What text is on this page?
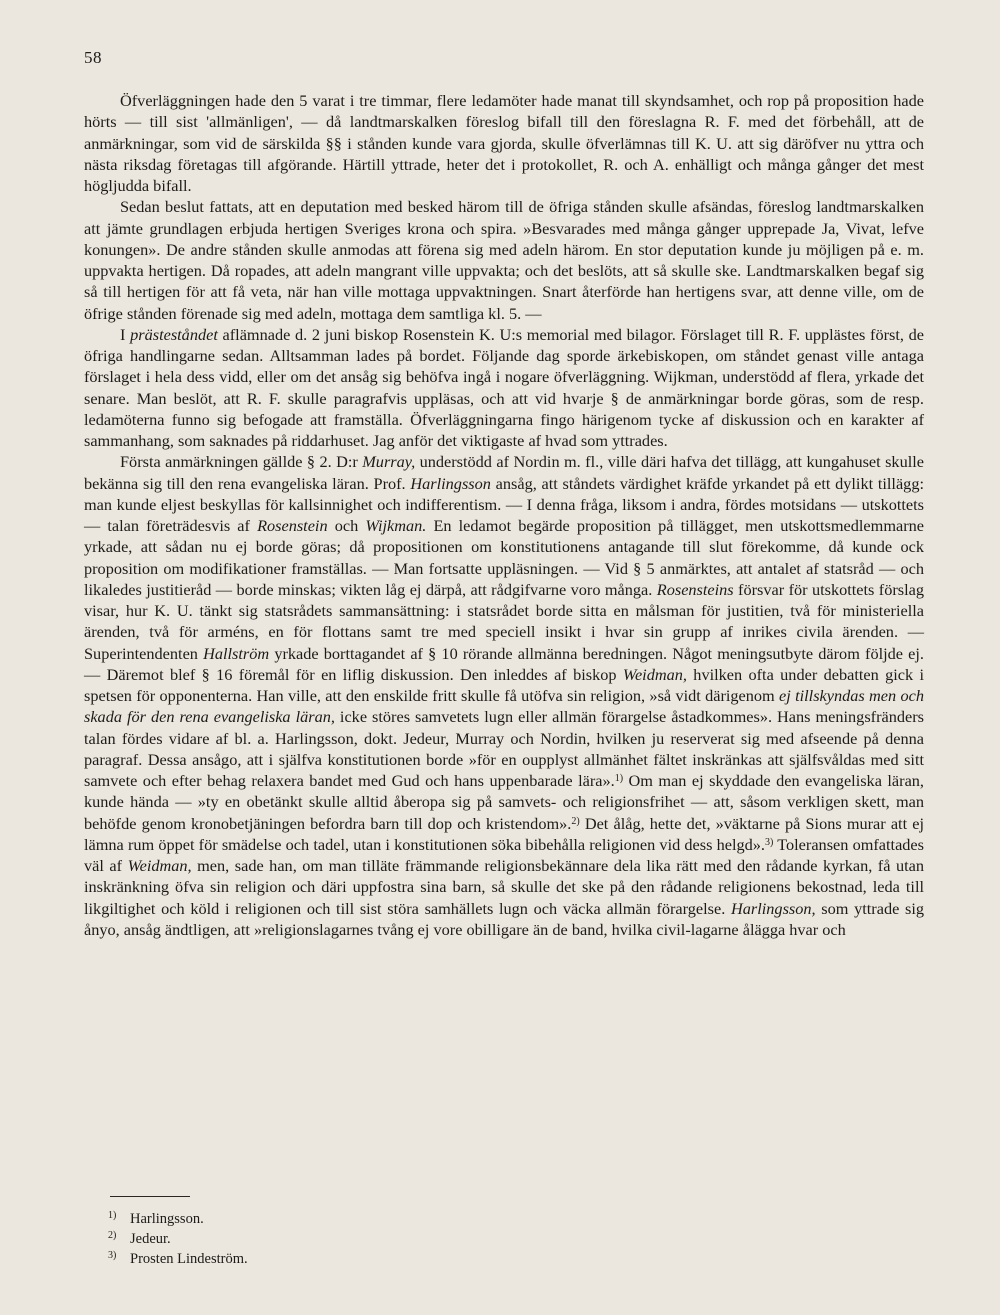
58

Öfverläggningen hade den 5 varat i tre timmar, flere ledamöter hade manat till skyndsamhet, och rop på proposition hade hörts — till sist 'allmänligen', — då landtmarskalken föreslog bifall till den föreslagna R. F. med det förbehåll, att de anmärkningar, som vid de särskilda §§ i stånden kunde vara gjorda, skulle öfverlämnas till K. U. att sig däröfver nu yttra och nästa riksdag företagas till afgörande. Härtill yttrade, heter det i protokollet, R. och A. enhälligt och många gånger det mest högljudda bifall.

Sedan beslut fattats, att en deputation med besked härom till de öfriga stånden skulle afsändas, föreslog landtmarskalken att jämte grundlagen erbjuda hertigen Sveriges krona och spira. »Besvarades med många gånger upprepade Ja, Vivat, lefve konungen». De andre stånden skulle anmodas att förena sig med adeln härom. En stor deputation kunde ju möjligen på e. m. uppvakta hertigen. Då ropades, att adeln mangrant ville uppvakta; och det beslöts, att så skulle ske. Landtmarskalken begaf sig så till hertigen för att få veta, när han ville mottaga uppvaktningen. Snart återförde han hertigens svar, att denne ville, om de öfrige stånden förenade sig med adeln, mottaga dem samtliga kl. 5. —

I prästeståndet aflämnade d. 2 juni biskop Rosenstein K. U:s memorial med bilagor. Förslaget till R. F. upplästes först, de öfriga handlingarne sedan. Alltsamman lades på bordet. Följande dag sporde ärkebiskopen, om ståndet genast ville antaga förslaget i hela dess vidd, eller om det ansåg sig behöfva ingå i nogare öfverläggning. Wijkman, understödd af flera, yrkade det senare. Man beslöt, att R. F. skulle paragrafvis uppläsas, och att vid hvarje § de anmärkningar borde göras, som de resp. ledamöterna funno sig befogade att framställa. Öfverläggningarna fingo härigenom tycke af diskussion och en karakter af sammanhang, som saknades på riddarhuset. Jag anför det viktigaste af hvad som yttrades.

Första anmärkningen gällde § 2. D:r Murray, understödd af Nordin m. fl., ville däri hafva det tillägg, att kungahuset skulle bekänna sig till den rena evangeliska läran. Prof. Harlingsson ansåg, att ståndets värdighet kräfde yrkandet på ett dylikt tillägg: man kunde eljest beskyllas för kallsinnighet och indifferentism. — I denna fråga, liksom i andra, fördes motsidans — utskottets — talan företrädesvis af Rosenstein och Wijkman. En ledamot begärde proposition på tillägget, men utskottsmedlemmarne yrkade, att sådan nu ej borde göras; då propositionen om konstitutionens antagande till slut förekomme, då kunde ock proposition om modifikationer framställas. — Man fortsatte uppläsningen. — Vid § 5 anmärktes, att antalet af statsråd — och likaledes justitieråd — borde minskas; vikten låg ej därpå, att rådgifvarne voro många. Rosensteins försvar för utskottets förslag visar, hur K. U. tänkt sig statsrådets sammansättning: i statsrådet borde sitta en målsman för justitien, två för ministeriella ärenden, två för arméns, en för flottans samt tre med speciell insikt i hvar sin grupp af inrikes civila ärenden. — Superintendenten Hallström yrkade borttagandet af § 10 rörande allmänna beredningen. Något meningsutbyte därom följde ej. — Däremot blef § 16 föremål för en liflig diskussion. Den inleddes af biskop Weidman, hvilken ofta under debatten gick i spetsen för opponenterna. Han ville, att den enskilde fritt skulle få utöfva sin religion, »så vidt därigenom ej tillskyndas men och skada för den rena evangeliska läran, icke störes samvetets lugn eller allmän förargelse åstadkommes». Hans meningsfränders talan fördes vidare af bl. a. Harlingsson, dokt. Jedeur, Murray och Nordin, hvilken ju reserverat sig med afseende på denna paragraf. Dessa ansågo, att i själfva konstitutionen borde »för en oupplyst allmänhet fältet inskränkas att själfsvåldas med sitt samvete och efter behag relaxera bandet med Gud och hans uppenbarade lära».$^{1)}$ Om man ej skyddade den evangeliska läran, kunde hända — »ty en obetänkt skulle alltid åberopa sig på samvets- och religionsfrihet — att, såsom verkligen skett, man behöfde genom kronobetjäningen befordra barn till dop och kristendom».$^{2)}$ Det ålåg, hette det, »väktarne på Sions murar att ej lämna rum öppet för smädelse och tadel, utan i konstitutionen söka bibehålla religionen vid dess helgd».$^{3)}$ Toleransen omfattades väl af Weidman, men, sade han, om man tilläte främmande religionsbekännare dela lika rätt med den rådande kyrkan, få utan inskränkning öfva sin religion och däri uppfostra sina barn, så skulle det ske på den rådande religionens bekostnad, leda till likgiltighet och köld i religionen och till sist störa samhällets lugn och väcka allmän förargelse. Harlingsson, som yttrade sig ånyo, ansåg ändtligen, att »religionslagarnes tvång ej vore obilligare än de band, hvilka civil-lagarne ålägga hvar och

1) Harlingsson.
2) Jedeur.
3) Prosten Lindeström.
